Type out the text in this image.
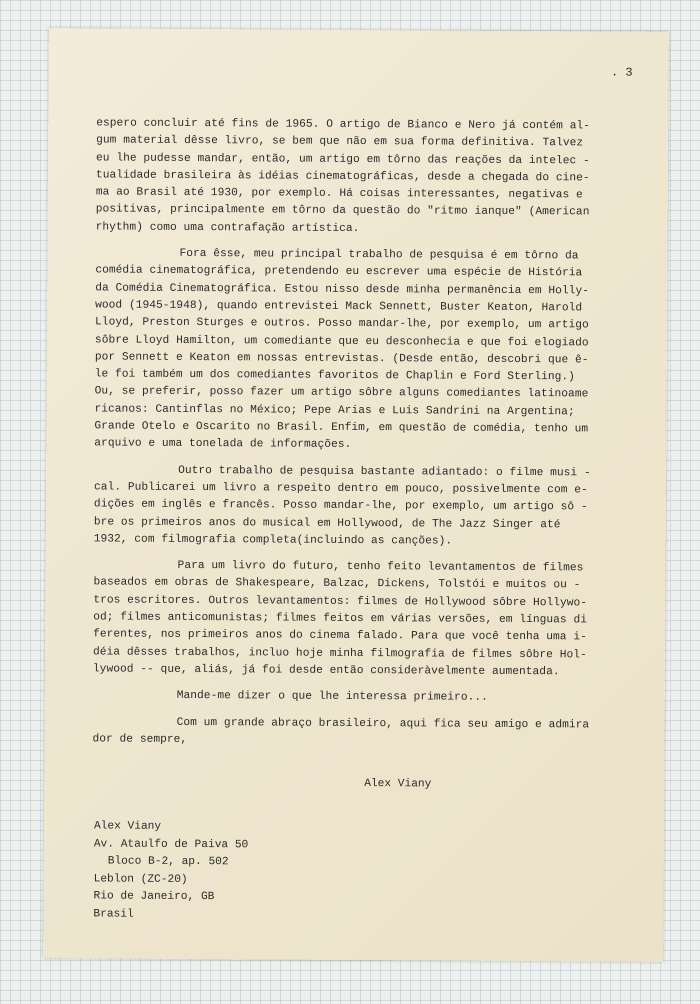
. 3
espero concluir até fins de 1965. O artigo de Bianco e Nero já contém al-
gum material dêsse livro, se bem que não em sua forma definitiva. Talvez
eu lhe pudesse mandar, então, um artigo em tôrno das reações da intelec -
tualidade brasileira às idéias cinematográficas, desde a chegada do cine-
ma ao Brasil até 1930, por exemplo. Há coisas interessantes, negativas e
positivas, principalmente em tôrno da questão do "ritmo ianque" (American
rhythm) como uma contrafação artística.
Fora êsse, meu principal trabalho de pesquisa é em tôrno da
comédia cinematográfica, pretendendo eu escrever uma espécie de História
da Comédia Cinematográfica. Estou nisso desde minha permanência em Holly-
wood (1945-1948), quando entrevistei Mack Sennett, Buster Keaton, Harold
Lloyd, Preston Sturges e outros. Posso mandar-lhe, por exemplo, um artigo
sôbre Lloyd Hamilton, um comediante que eu desconhecia e que foi elogiado
por Sennett e Keaton em nossas entrevistas. (Desde então, descobri que ê-
le foi também um dos comediantes favoritos de Chaplin e Ford Sterling.)
Ou, se preferir, posso fazer um artigo sôbre alguns comediantes latinoame
ricanos: Cantinflas no México; Pepe Arias e Luis Sandrini na Argentina;
Grande Otelo e Oscarito no Brasil. Enfim, em questão de comédia, tenho um
arquivo e uma tonelada de informações.
Outro trabalho de pesquisa bastante adiantado: o filme musi -
cal. Publicarei um livro a respeito dentro em pouco, possìvelmente com e-
dições em inglês e francês. Posso mandar-lhe, por exemplo, um artigo sô -
bre os primeiros anos do musical em Hollywood, de The Jazz Singer até
1932, com filmografia completa(incluindo as canções).
Para um livro do futuro, tenho feito levantamentos de filmes
baseados em obras de Shakespeare, Balzac, Dickens, Tolstói e muitos ou -
tros escritores. Outros levantamentos: filmes de Hollywood sôbre Hollywo-
od; filmes anticomunistas; filmes feitos em várias versões, em línguas di
ferentes, nos primeiros anos do cinema falado. Para que você tenha uma i-
déia dêsses trabalhos, incluo hoje minha filmografia de filmes sôbre Hol-
lywood -- que, aliás, já foi desde então consideràvelmente aumentada.
Mande-me dizer o que lhe interessa primeiro...
Com um grande abraço brasileiro, aqui fica seu amigo e admira
dor de sempre,
Alex Viany
Alex Viany
Av. Ataulfo de Paiva 50
Bloco B-2, ap. 502
Leblon (ZC-20)
Rio de Janeiro, GB
Brasil
